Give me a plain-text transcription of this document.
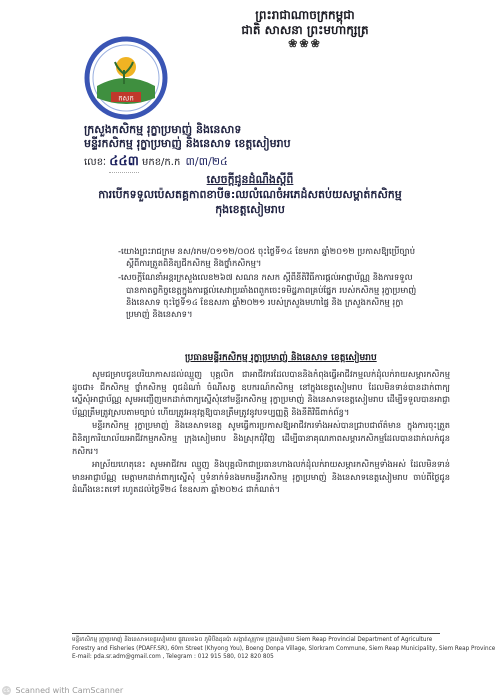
ព្រះរាជាណាចក្រកម្ពុជា
ជាតិ សាសនា ព្រះមហាក្សត្រ
❀❀❀
កសក
ក្រសួងកសិកម្ម រុក្ខាប្រមាញ់ និងនេសាទ
មន្ទីរកសិកម្ម រុក្ខាប្រមាញ់ និងនេសាទ ខេត្តសៀមរាប
លេខៈ ៤៤៣ មកខ/ក.ក ៣/៣/២៤
សេចក្ដីជូនដំណឹងស្ដីពី
ការបើកទទួលប៉េសតគ្គកាពខាបីឲ:ឈលំណេចំអភេដំសតប់យសម្ពាត់កសិកម្ម
កុងខេត្តសៀមរាប

-យោងព្រះរាជក្រម នស/រកម/០១១២/០០៥ ចុះថ្ងៃទី១៤ ខែមករា ឆ្នាំ២០១២ ប្រកាសឱ្យប្រើច្បាប់ស្ដីពីការត្រួតពិនិត្យជីកសិកម្ម និងថ្នាំកសិកម្ម។

-សេចក្ដីណែនាំអន្តរក្រសួងលេខ២៦៧ សណន កសក ស្ដីពីនីតិវិធីការផ្ដល់អាជ្ញាប័ណ្ណ និងការទទួលបានកាតព្វកិច្ចខេត្តក្នុងការផ្ដល់សេវាប្រឆាំងពពួកចេះទមិដ្ឋភាពគ្រប់ផ្នែក របស់កសិកម្ម រុក្ខាប្រមាញ់ និងនេសាទ ចុះថ្ងៃទី១៤ ខែឧសភា ឆ្នាំ២០២១ របស់ក្រសួងមហាផ្ទៃ និង ក្រសួងកសិកម្ម រុក្ខាប្រមាញ់ និងនេសាទ។

ប្រធានមន្ទីរកសិកម្ម រុក្ខាប្រមាញ់ និងនេសាទ ខេត្តសៀមរាប

សូមជម្រាបជូនបរិយាកាសដល់ឈ្មួញ បុគ្គលិក ជាអាជីវករដែលបាននិងកំពុងធ្វើអាជីវកម្មលក់ដុំលក់រាយសម្ភារកសិកម្មដូចជា៖ ជីកសិកម្ម ថ្នាំកសិកម្ម ពូជដំណាំ ចំណីសត្វ ឧបករណ៍កសិកម្ម នៅក្នុងខេត្តសៀមរាប ដែលមិនទាន់បានដាក់ពាក្យស្នើសុំអាជ្ញាប័ណ្ណ សូមអញ្ជើញមកដាក់ពាក្យស្នើសុំនៅមន្ទីរកសិកម្ម រុក្ខាប្រមាញ់ និងនេសាទខេត្តសៀមរាប ដើម្បីទទួលបានអាជ្ញាប័ណ្ណត្រឹមត្រូវស្របតាមច្បាប់ ហើយត្រូវអនុវត្តឱ្យបានត្រឹមត្រូវនូវបទប្បញ្ញត្តិ និងនីតិវិធីពាក់ព័ន្ធ។

មន្ទីរកសិកម្ម រុក្ខាប្រមាញ់ និងនេសាទខេត្ត សូមធ្វើការប្រកាសឱ្យអាជីវករទាំងអស់បានជ្រាបជាព័ត៌មាន ក្នុងការចុះត្រួតពិនិត្យការិយាល័យអាជីវកម្មកសិកម្ម ក្រុងសៀមរាប និងស្រុកជុំវិញ ដើម្បីធានាគុណភាពសម្ភារកសិកម្មដែលបានដាក់លក់ជូនកសិករ។

អាស្រ័យហេតុនេះ សូមអាជីវករ ឈ្មួញ និងបុគ្គលិកជាប្រធានហាងលក់ដុំលក់រាយសម្ភារកសិកម្មទាំងអស់ ដែលមិនទាន់មានអាជ្ញាប័ណ្ណ មេត្តាមកដាក់ពាក្យស្នើសុំ ឬទំនាក់ទំនងមកមន្ទីរកសិកម្ម រុក្ខាប្រមាញ់ និងនេសាទខេត្តសៀមរាប ចាប់ពីថ្ងៃជូនដំណឹងនេះតទៅ រហូតដល់ថ្ងៃទី២៤ ខែឧសភា ឆ្នាំ២០២៤ ជាកំណត់។

មន្ទីរកសិកម្ម រុក្ខាប្រមាញ់ និងនេសាទខេត្តសៀមរាប ផ្លូវលេខ៦០ ភូមិបឹងដុនប៉ា សង្កាត់ស្លក្រាម ក្រុងសៀមរាប Siem Reap Provincial Department of Agriculture
Forestry and Fisheries (PDAFF.SR), 60m Street (Khyong You), Boeng Donpa Village, Slorkram Commune, Siem Reap Municipality, Siem Reap Province
E-mail: pda.sr.adm@gmail.com , Telegram : 012 915 580, 012 820 805
cs Scanned with CamScanner
